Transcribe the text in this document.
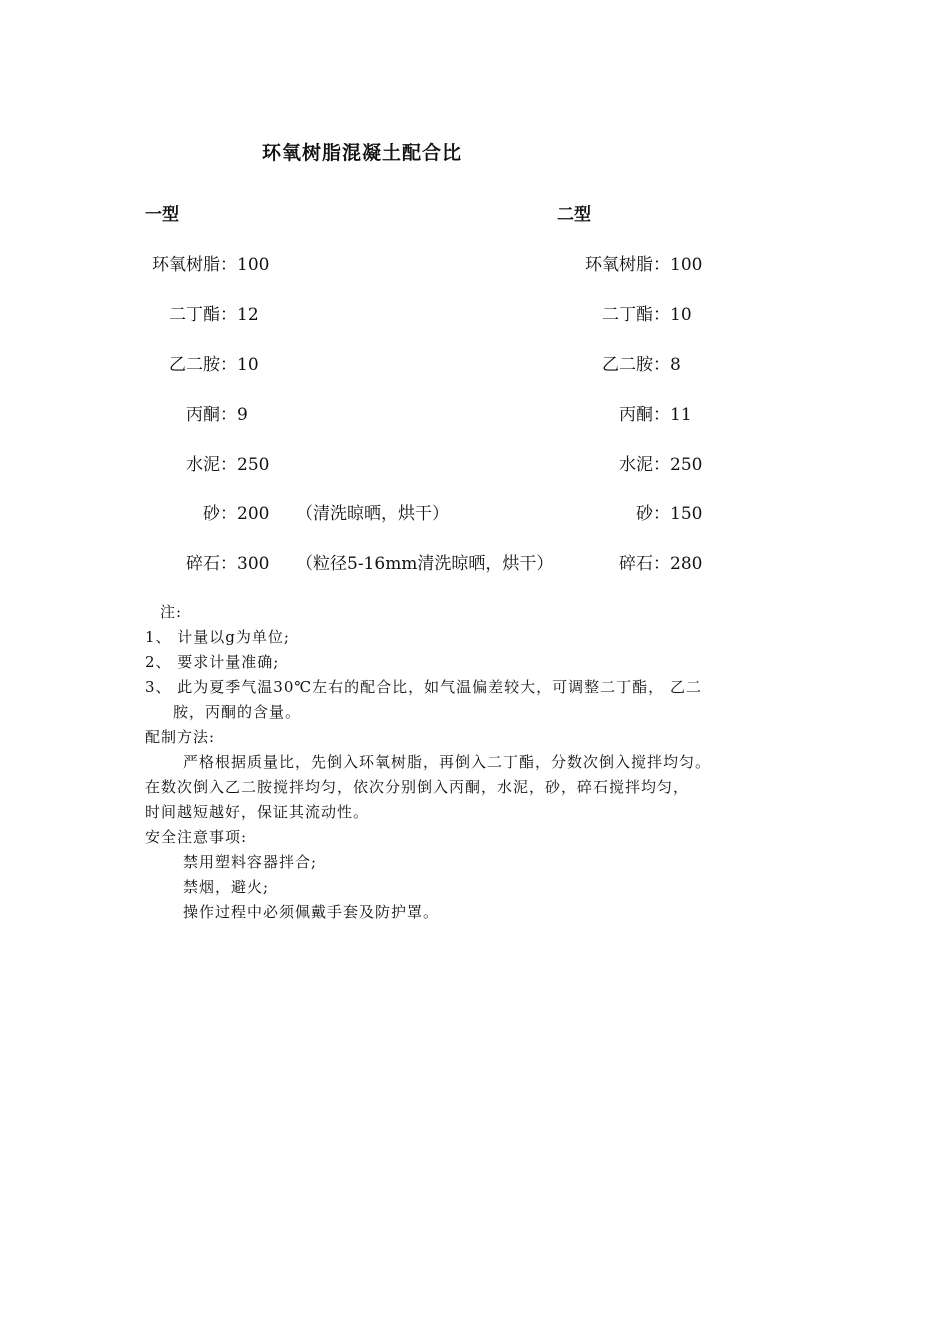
环氧树脂混凝土配合比
一型	二型
环氧树脂：100
二丁酯：12
乙二胺：10
丙酮：9
水泥：250
砂：200 （清洗晾晒，烘干）
碎石：300 （粒径5-16mm清洗晾晒，烘干）
环氧树脂：100
二丁酯：10
乙二胺：8
丙酮：11
水泥：250
砂：150
碎石：280
注:
1、 计量以g为单位;
2、 要求计量准确;
3、 此为夏季气温30℃左右的配合比，如气温偏差较大，可调整二丁酯， 乙二
胺，丙酮的含量。
配制方法:
严格根据质量比，先倒入环氧树脂，再倒入二丁酯，分数次倒入搅拌均匀。
在数次倒入乙二胺搅拌均匀，依次分别倒入丙酮，水泥，砂，碎石搅拌均匀，
时间越短越好，保证其流动性。
安全注意事项:
禁用塑料容器拌合;
禁烟，避火;
操作过程中必须佩戴手套及防护罩。
